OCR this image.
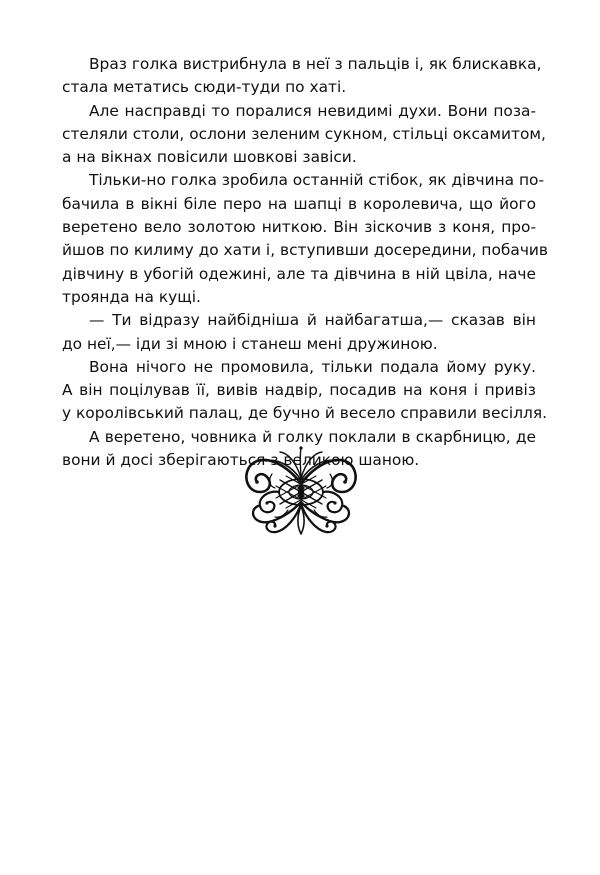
Враз голка вистрибнула в неї з пальців і, як блискавка,
стала метатись сюди-туди по хаті.
Але насправді то поралися невидимі духи. Вони поза-
стеляли столи, ослони зеленим сукном, стільці оксамитом,
а на вікнах повісили шовкові завіси.
Тільки-но голка зробила останній стібок, як дівчина по-
бачила в вікні біле перо на шапці в королевича, що його
веретено вело золотою ниткою. Він зіскочив з коня, про-
йшов по килиму до хати і, вступивши досередини, побачив
дівчину в убогій одежині, але та дівчина в ній цвіла, наче
троянда на кущі.
— Ти відразу найбідніша й найбагатша,— сказав він
до неї,— іди зі мною і станеш мені дружиною.
Вона нічого не промовила, тільки подала йому руку.
А він поцілував її, вивів надвір, посадив на коня і привіз
у королівський палац, де бучно й весело справили весілля.
А веретено, човника й голку поклали в скарбницю, де
вони й досі зберігаються з великою шаною.
